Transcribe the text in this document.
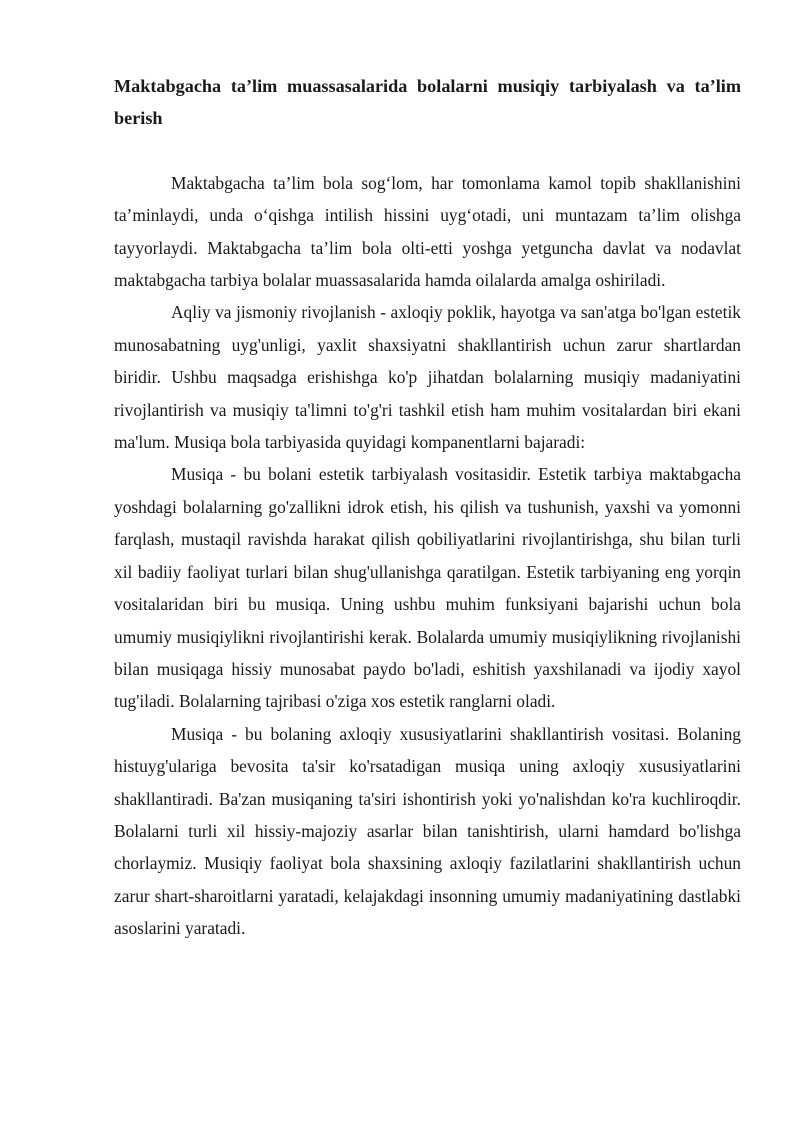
Maktabgacha ta’lim muassasalarida bolalarni musiqiy tarbiyalash va ta’lim berish

Maktabgacha ta’lim bola sog‘lom, har tomonlama kamol topib shakllanishini ta’minlaydi, unda o‘qishga intilish hissini uyg‘otadi, uni muntazam ta’lim olishga tayyorlaydi. Maktabgacha ta’lim bola olti-etti yoshga yetguncha davlat va nodavlat maktabgacha tarbiya bolalar muassasalarida hamda oilalarda amalga oshiriladi.

Aqliy va jismoniy rivojlanish - axloqiy poklik, hayotga va san'atga bo'lgan estetik munosabatning uyg'unligi, yaxlit shaxsiyatni shakllantirish uchun zarur shartlardan biridir. Ushbu maqsadga erishishga ko'p jihatdan bolalarning musiqiy madaniyatini rivojlantirish va musiqiy ta'limni to'g'ri tashkil etish ham muhim vositalardan biri ekani ma'lum. Musiqa bola tarbiyasida quyidagi kompanentlarni bajaradi:

Musiqa - bu bolani estetik tarbiyalash vositasidir. Estetik tarbiya maktabgacha yoshdagi bolalarning go'zallikni idrok etish, his qilish va tushunish, yaxshi va yomonni farqlash, mustaqil ravishda harakat qilish qobiliyatlarini rivojlantirishga, shu bilan turli xil badiiy faoliyat turlari bilan shug'ullanishga qaratilgan. Estetik tarbiyaning eng yorqin vositalaridan biri bu musiqa. Uning ushbu muhim funksiyani bajarishi uchun bola umumiy musiqiylikni rivojlantirishi kerak. Bolalarda umumiy musiqiylikning rivojlanishi bilan musiqaga hissiy munosabat paydo bo'ladi, eshitish yaxshilanadi va ijodiy xayol tug'iladi. Bolalarning tajribasi o'ziga xos estetik ranglarni oladi.

Musiqa - bu bolaning axloqiy xususiyatlarini shakllantirish vositasi. Bolaning histuyg'ulariga bevosita ta'sir ko'rsatadigan musiqa uning axloqiy xususiyatlarini shakllantiradi. Ba'zan musiqaning ta'siri ishontirish yoki yo'nalishdan ko'ra kuchliroqdir. Bolalarni turli xil hissiy-majoziy asarlar bilan tanishtirish, ularni hamdard bo'lishga chorlaymiz. Musiqiy faoliyat bola shaxsining axloqiy fazilatlarini shakllantirish uchun zarur shart-sharoitlarni yaratadi, kelajakdagi insonning umumiy madaniyatining dastlabki asoslarini yaratadi.
